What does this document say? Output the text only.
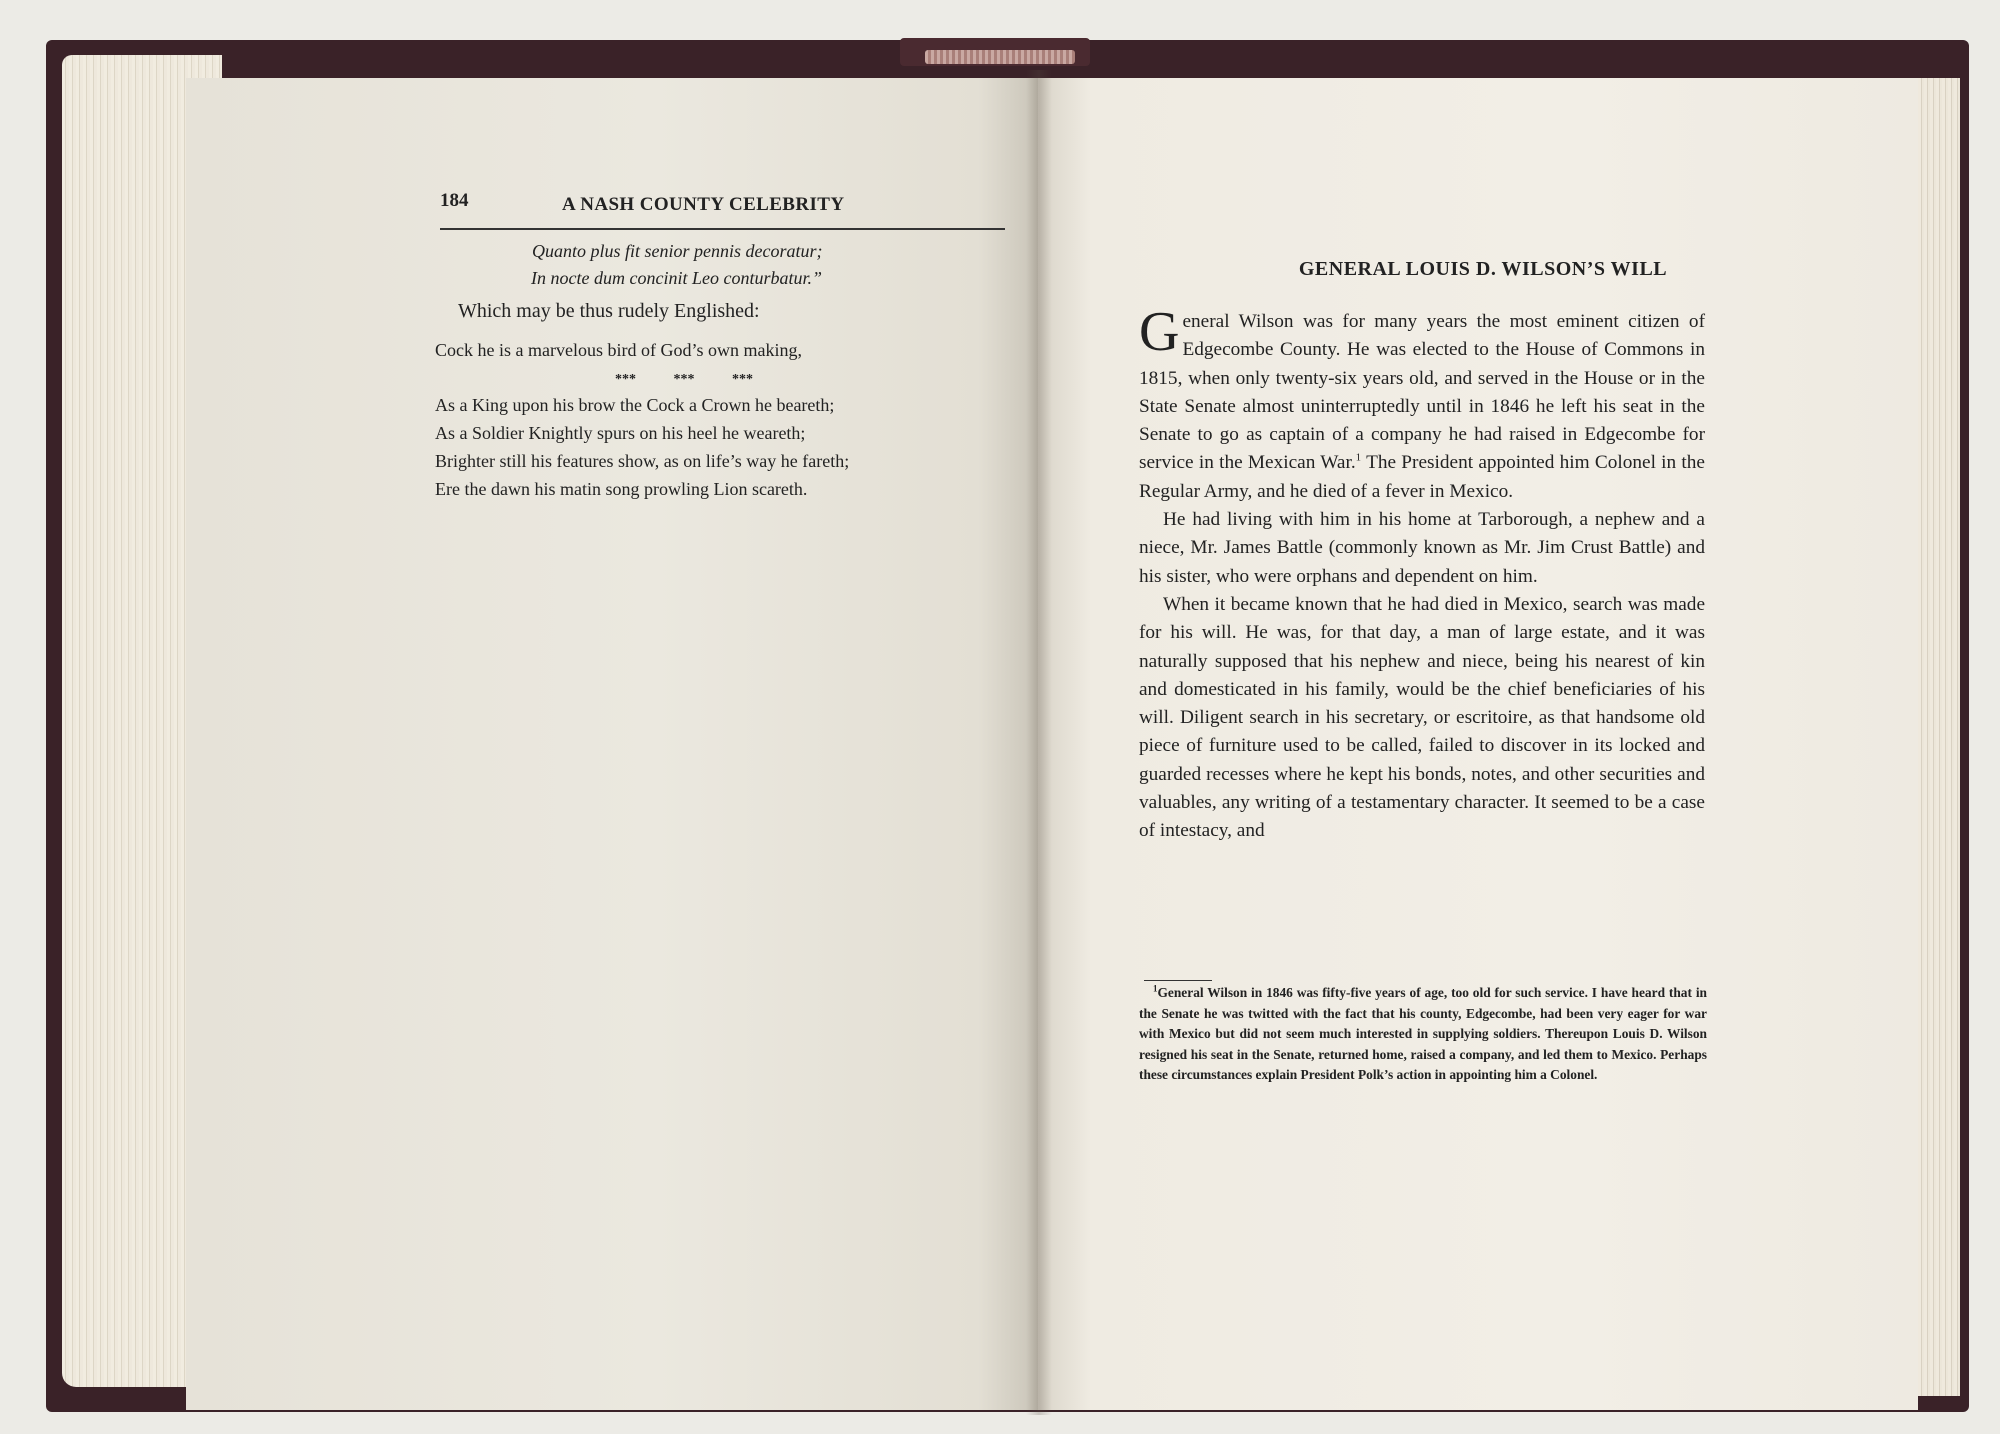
184	A NASH COUNTY CELEBRITY
Quanto plus fit senior pennis decoratur;
In nocte dum concinit Leo conturbatur.”
Which may be thus rudely Englished:
Cock he is a marvelous bird of God’s own making,
*** *** ***
As a King upon his brow the Cock a Crown he beareth;
As a Soldier Knightly spurs on his heel he weareth;
Brighter still his features show, as on life’s way he fareth;
Ere the dawn his matin song prowling Lion scareth.
GENERAL LOUIS D. WILSON’S WILL

General Wilson was for many years the most eminent citizen of Edgecombe County. He was elected to the House of Commons in 1815, when only twenty-six years old, and served in the House or in the State Senate almost uninterruptedly until in 1846 he left his seat in the Senate to go as captain of a company he had raised in Edgecombe for service in the Mexican War.$^1$ The President appointed him Colonel in the Regular Army, and he died of a fever in Mexico.

He had living with him in his home at Tarborough, a nephew and a niece, Mr. James Battle (commonly known as Mr. Jim Crust Battle) and his sister, who were orphans and dependent on him.

When it became known that he had died in Mexico, search was made for his will. He was, for that day, a man of large estate, and it was naturally supposed that his nephew and niece, being his nearest of kin and domesticated in his family, would be the chief beneficiaries of his will. Diligent search in his secretary, or escritoire, as that handsome old piece of furniture used to be called, failed to discover in its locked and guarded recesses where he kept his bonds, notes, and other securities and valuables, any writing of a testamentary character. It seemed to be a case of intestacy, and

$^1$General Wilson in 1846 was fifty-five years of age, too old for such service. I have heard that in the Senate he was twitted with the fact that his county, Edgecombe, had been very eager for war with Mexico but did not seem much interested in supplying soldiers. Thereupon Louis D. Wilson resigned his seat in the Senate, returned home, raised a company, and led them to Mexico. Perhaps these circumstances explain President Polk’s action in appointing him a Colonel.
